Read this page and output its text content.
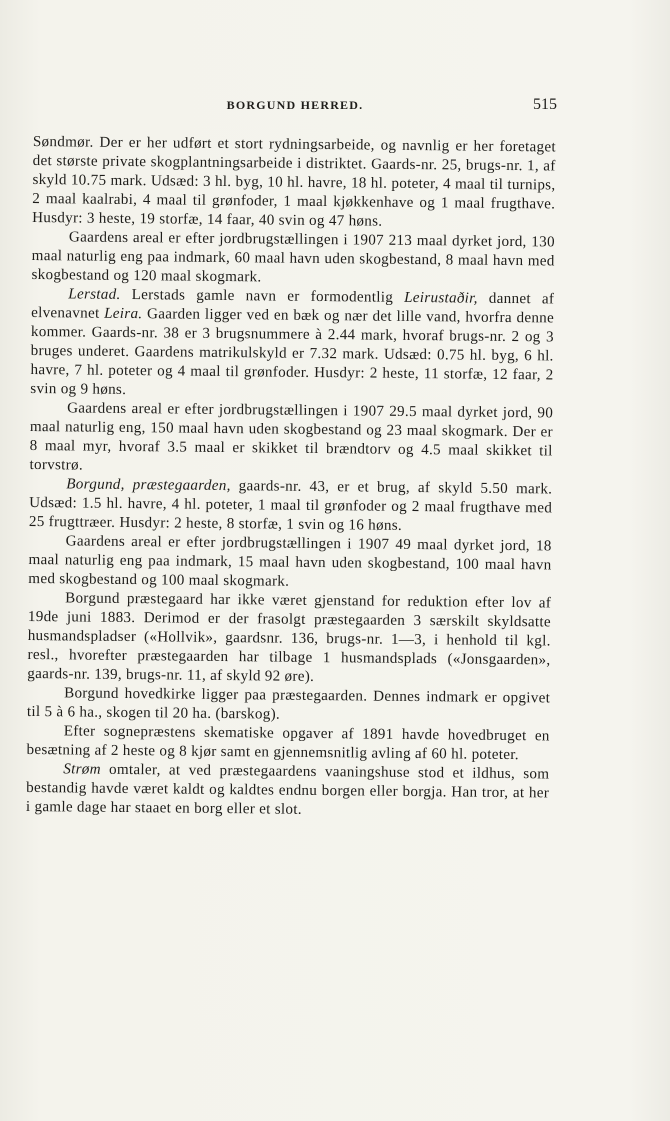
BORGUND HERRED.	515

Søndmør. Der er her udført et stort rydningsarbeide, og navnlig er her foretaget det største private skogplantningsarbeide i distriktet. Gaards-nr. 25, brugs-nr. 1, af skyld 10.75 mark. Udsæd: 3 hl. byg, 10 hl. havre, 18 hl. poteter, 4 maal til turnips, 2 maal kaalrabi, 4 maal til grønfoder, 1 maal kjøkkenhave og 1 maal frugthave. Husdyr: 3 heste, 19 storfæ, 14 faar, 40 svin og 47 høns.

Gaardens areal er efter jordbrugstællingen i 1907 213 maal dyrket jord, 130 maal naturlig eng paa indmark, 60 maal havn uden skogbestand, 8 maal havn med skogbestand og 120 maal skogmark.

Lerstad. Lerstads gamle navn er formodentlig Leirustaðir, dannet af elvenavnet Leira. Gaarden ligger ved en bæk og nær det lille vand, hvorfra denne kommer. Gaards-nr. 38 er 3 brugsnummere à 2.44 mark, hvoraf brugs-nr. 2 og 3 bruges underet. Gaardens matrikulskyld er 7.32 mark. Udsæd: 0.75 hl. byg, 6 hl. havre, 7 hl. poteter og 4 maal til grønfoder. Husdyr: 2 heste, 11 storfæ, 12 faar, 2 svin og 9 høns.

Gaardens areal er efter jordbrugstællingen i 1907 29.5 maal dyrket jord, 90 maal naturlig eng, 150 maal havn uden skogbestand og 23 maal skogmark. Der er 8 maal myr, hvoraf 3.5 maal er skikket til brændtorv og 4.5 maal skikket til torvstrø.

Borgund, præstegaarden, gaards-nr. 43, er et brug, af skyld 5.50 mark. Udsæd: 1.5 hl. havre, 4 hl. poteter, 1 maal til grønfoder og 2 maal frugthave med 25 frugttræer. Husdyr: 2 heste, 8 storfæ, 1 svin og 16 høns.

Gaardens areal er efter jordbrugstællingen i 1907 49 maal dyrket jord, 18 maal naturlig eng paa indmark, 15 maal havn uden skogbestand, 100 maal havn med skogbestand og 100 maal skogmark.

Borgund præstegaard har ikke været gjenstand for reduktion efter lov af 19de juni 1883. Derimod er der frasolgt præstegaarden 3 særskilt skyldsatte husmandspladser («Hollvik», gaardsnr. 136, brugs-nr. 1—3, i henhold til kgl. resl., hvorefter præstegaarden har tilbage 1 husmandsplads («Jonsgaarden», gaards-nr. 139, brugs-nr. 11, af skyld 92 øre).

Borgund hovedkirke ligger paa præstegaarden. Dennes indmark er opgivet til 5 à 6 ha., skogen til 20 ha. (barskog).

Efter sognepræstens skematiske opgaver af 1891 havde hovedbruget en besætning af 2 heste og 8 kjør samt en gjennemsnitlig avling af 60 hl. poteter.

Strøm omtaler, at ved præstegaardens vaaningshuse stod et ildhus, som bestandig havde været kaldt og kaldtes endnu borgen eller borgja. Han tror, at her i gamle dage har staaet en borg eller et slot.
